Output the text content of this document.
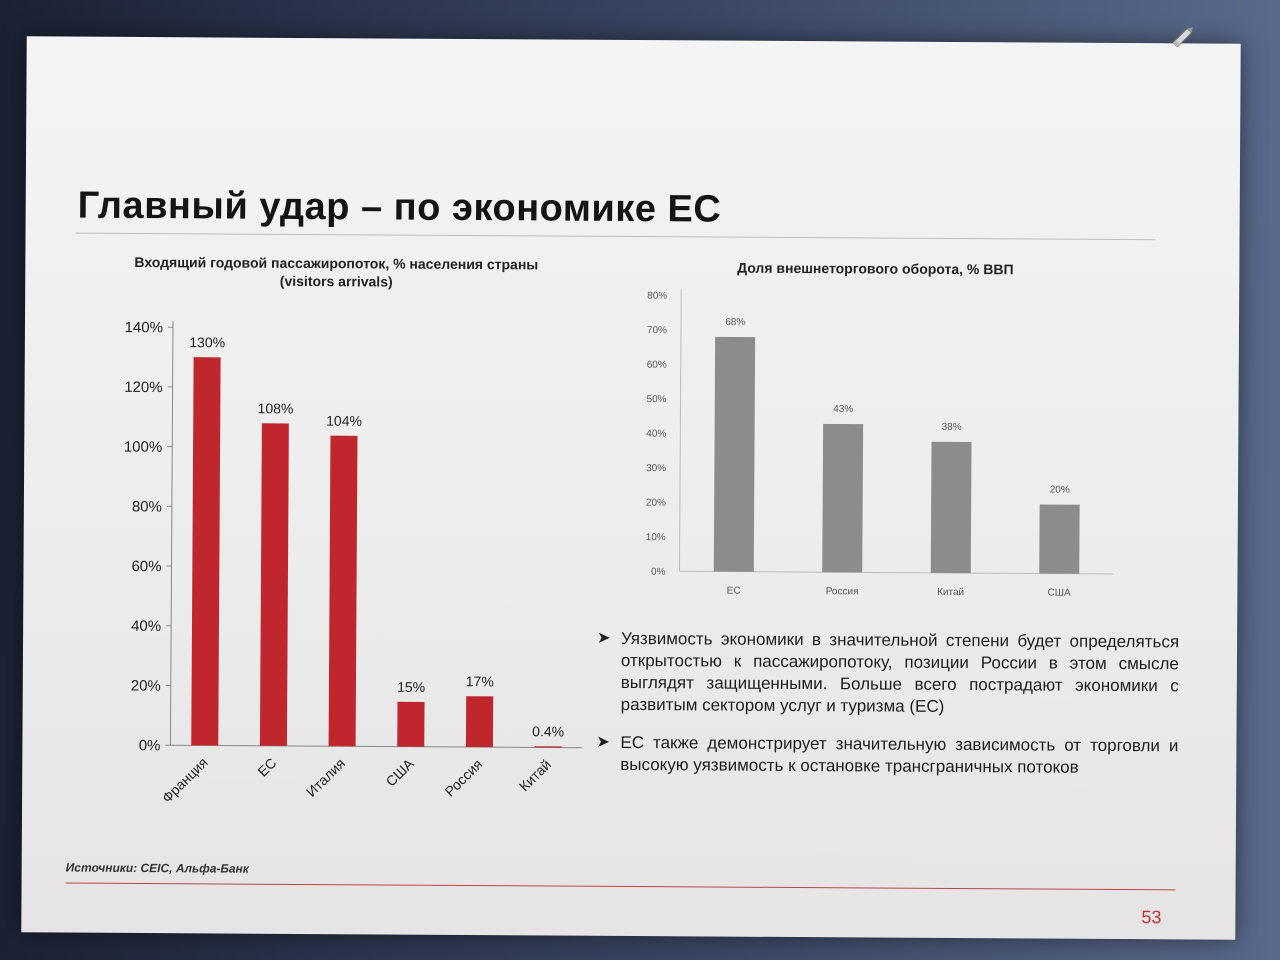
Главный удар – по экономике ЕС
Входящий годовой пассажиропоток, % населения страны (visitors arrivals)
0%
20%
40%
60%
80%
100%
120%
140%
130%
Франция
108%
ЕС
104%
Италия
15%
США
17%
Россия
0.4%
Китай
Доля внешнеторгового оборота, % ВВП
0%
10%
20%
30%
40%
50%
60%
70%
80%
68%
ЕС
43%
Россия
38%
Китай
20%
США
➤ Уязвимость экономики в значительной степени будет определяться открытостью к пассажиропотоку, позиции России в этом смысле выглядят защищенными. Больше всего пострадают экономики с развитым сектором услуг и туризма (ЕС)
➤ ЕС также демонстрирует значительную зависимость от торговли и высокую уязвимость к остановке трансграничных потоков
Источники: CEIC, Альфа-Банк
53
